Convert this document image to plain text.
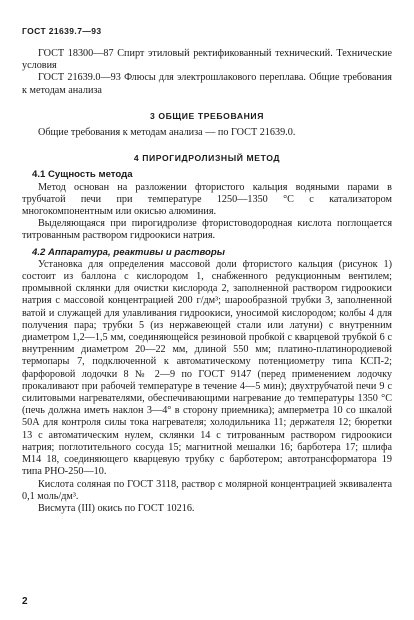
ГОСТ 21639.7—93

ГОСТ 18300—87 Спирт этиловый ректификованный технический. Технические условия

ГОСТ 21639.0—93 Флюсы для электрошлакового переплава. Общие требования к методам анализа

3 ОБЩИЕ ТРЕБОВАНИЯ

Общие требования к методам анализа — по ГОСТ 21639.0.

4 ПИРОГИДРОЛИЗНЫЙ МЕТОД
4.1 Сущность метода

Метод основан на разложении фтористого кальция водяными парами в трубчатой печи при температуре 1250—1350 °С с катализатором многокомпонентным или окисью алюминия.

Выделяющаяся при пирогидролизе фтористоводородная кислота поглощается титрованным раствором гидроокиси натрия.

4.2 Аппаратура, реактивы и растворы

Установка для определения массовой доли фтористого кальция (рисунок 1) состоит из баллона с кислородом 1, снабженного редукционным вентилем; промывной склянки для очистки кислорода 2, заполненной раствором гидроокиси натрия с массовой концентрацией 200 г/дм³; шарообразной трубки 3, заполненной ватой и служащей для улавливания гидроокиси, уносимой кислородом; колбы 4 для получения пара; трубки 5 (из нержавеющей стали или латуни) с внутренним диаметром 1,2—1,5 мм, соединяющейся резиновой пробкой с кварцевой трубкой 6 с внутренним диаметром 20—22 мм, длиной 550 мм; платино-платинородиевой термопары 7, подключенной к автоматическому потенциометру типа КСП-2; фарфоровой лодочки 8 № 2—9 по ГОСТ 9147 (перед применением лодочку прокаливают при рабочей температуре в течение 4—5 мин); двухтрубчатой печи 9 с силитовыми нагревателями, обеспечивающими нагревание до температуры 1350 °С (печь должна иметь наклон 3—4° в сторону приемника); амперметра 10 со шкалой 50А для контроля силы тока нагревателя; холодильника 11; держателя 12; бюретки 13 с автоматическим нулем, склянки 14 с титрованным раствором гидроокиси натрия; поглотительного сосуда 15; магнитной мешалки 16; барботера 17; шлифа М14 18, соединяющего кварцевую трубку с барботером; автотрансформатора 19 типа РНО-250—10.

Кислота соляная по ГОСТ 3118, раствор с молярной концентрацией эквивалента 0,1 моль/дм³.

Висмута (III) окись по ГОСТ 10216.

2
